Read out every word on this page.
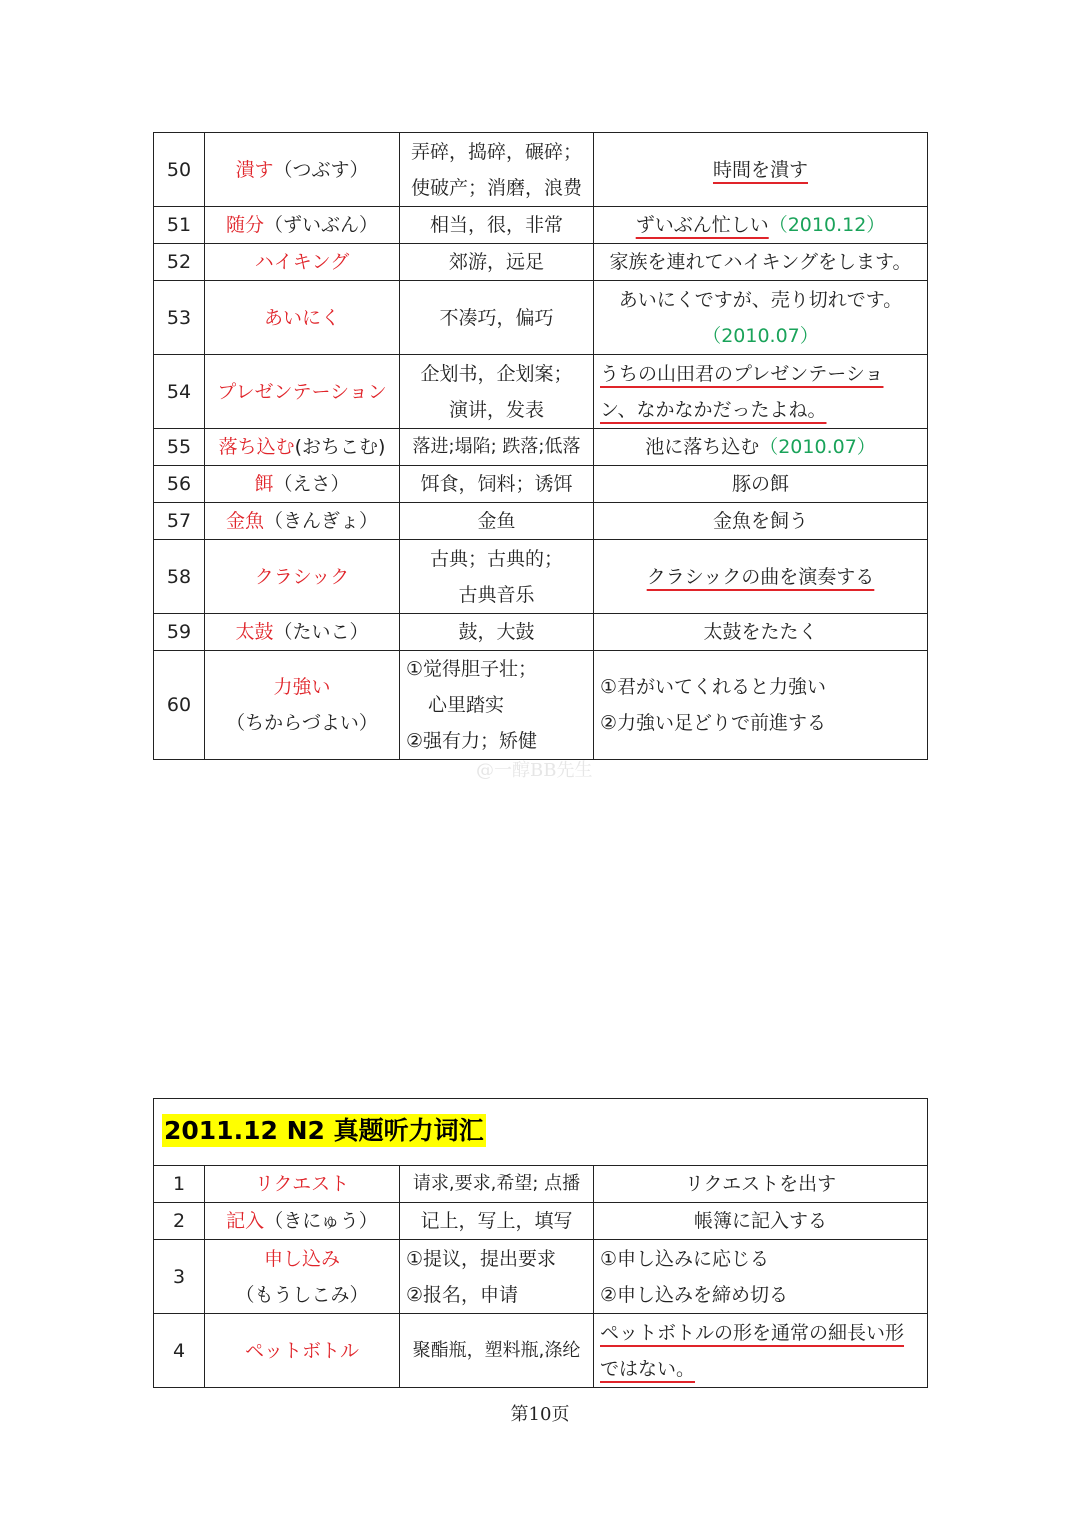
50	潰す（つぶす）	弄碎，捣碎，碾碎；
使破产；消磨，浪费	時間を潰す
51	随分（ずいぶん）	相当，很，非常	ずいぶん忙しい（2010.12）
52	ハイキング	郊游，远足	家族を連れてハイキングをします。
53	あいにく	不凑巧，偏巧	あいにくですが、売り切れです。
（2010.07）
54	プレゼンテーション	企划书，企划案；
演讲，发表	うちの山田君のプレゼンテーショ
ン、なかなかだったよね。
55	落ち込む(おちこむ)	落进;塌陷; 跌落;低落	池に落ち込む（2010.07）
56	餌（えさ）	饵食，饲料；诱饵	豚の餌
57	金魚（きんぎょ）	金鱼	金魚を飼う
58	クラシック	古典；古典的；
古典音乐	クラシックの曲を演奏する
59	太鼓（たいこ）	鼓，大鼓	太鼓をたたく
60	力強い
（ちからづよい）	①觉得胆子壮；
心里踏实
②强有力；矫健	①君がいてくれると力強い
②力強い足どりで前進する
@一醇BB先生
2011.12 N2 真题听力词汇			
1	リクエスト	请求,要求,希望; 点播	リクエストを出す
2	記入（きにゅう）	记上，写上，填写	帳簿に記入する
3	申し込み
（もうしこみ）	①提议，提出要求
②报名，申请	①申し込みに応じる
②申し込みを締め切る
4	ペットボトル	聚酯瓶，塑料瓶,涤纶	ペットボトルの形を通常の細長い形
ではない。
第10页
